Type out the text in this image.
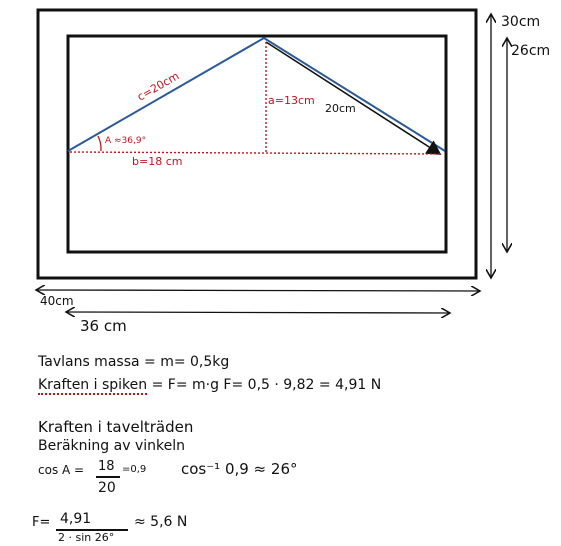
30cm
26cm
40cm
36 cm
c=20cm	a=13cm
20cm
A ≈36,9°
b=18 cm
Tavlans massa = m= 0,5kg
Kraften i spiken = F= m·g F= 0,5 · 9,82 = 4,91 N
Kraften i tavelträden
Beräkning av vinkeln
cos A = 18
20
=0,9 cos⁻¹ 0,9 ≈ 26°
F= 4,91
2 · sin 26°
≈ 5,6 N
